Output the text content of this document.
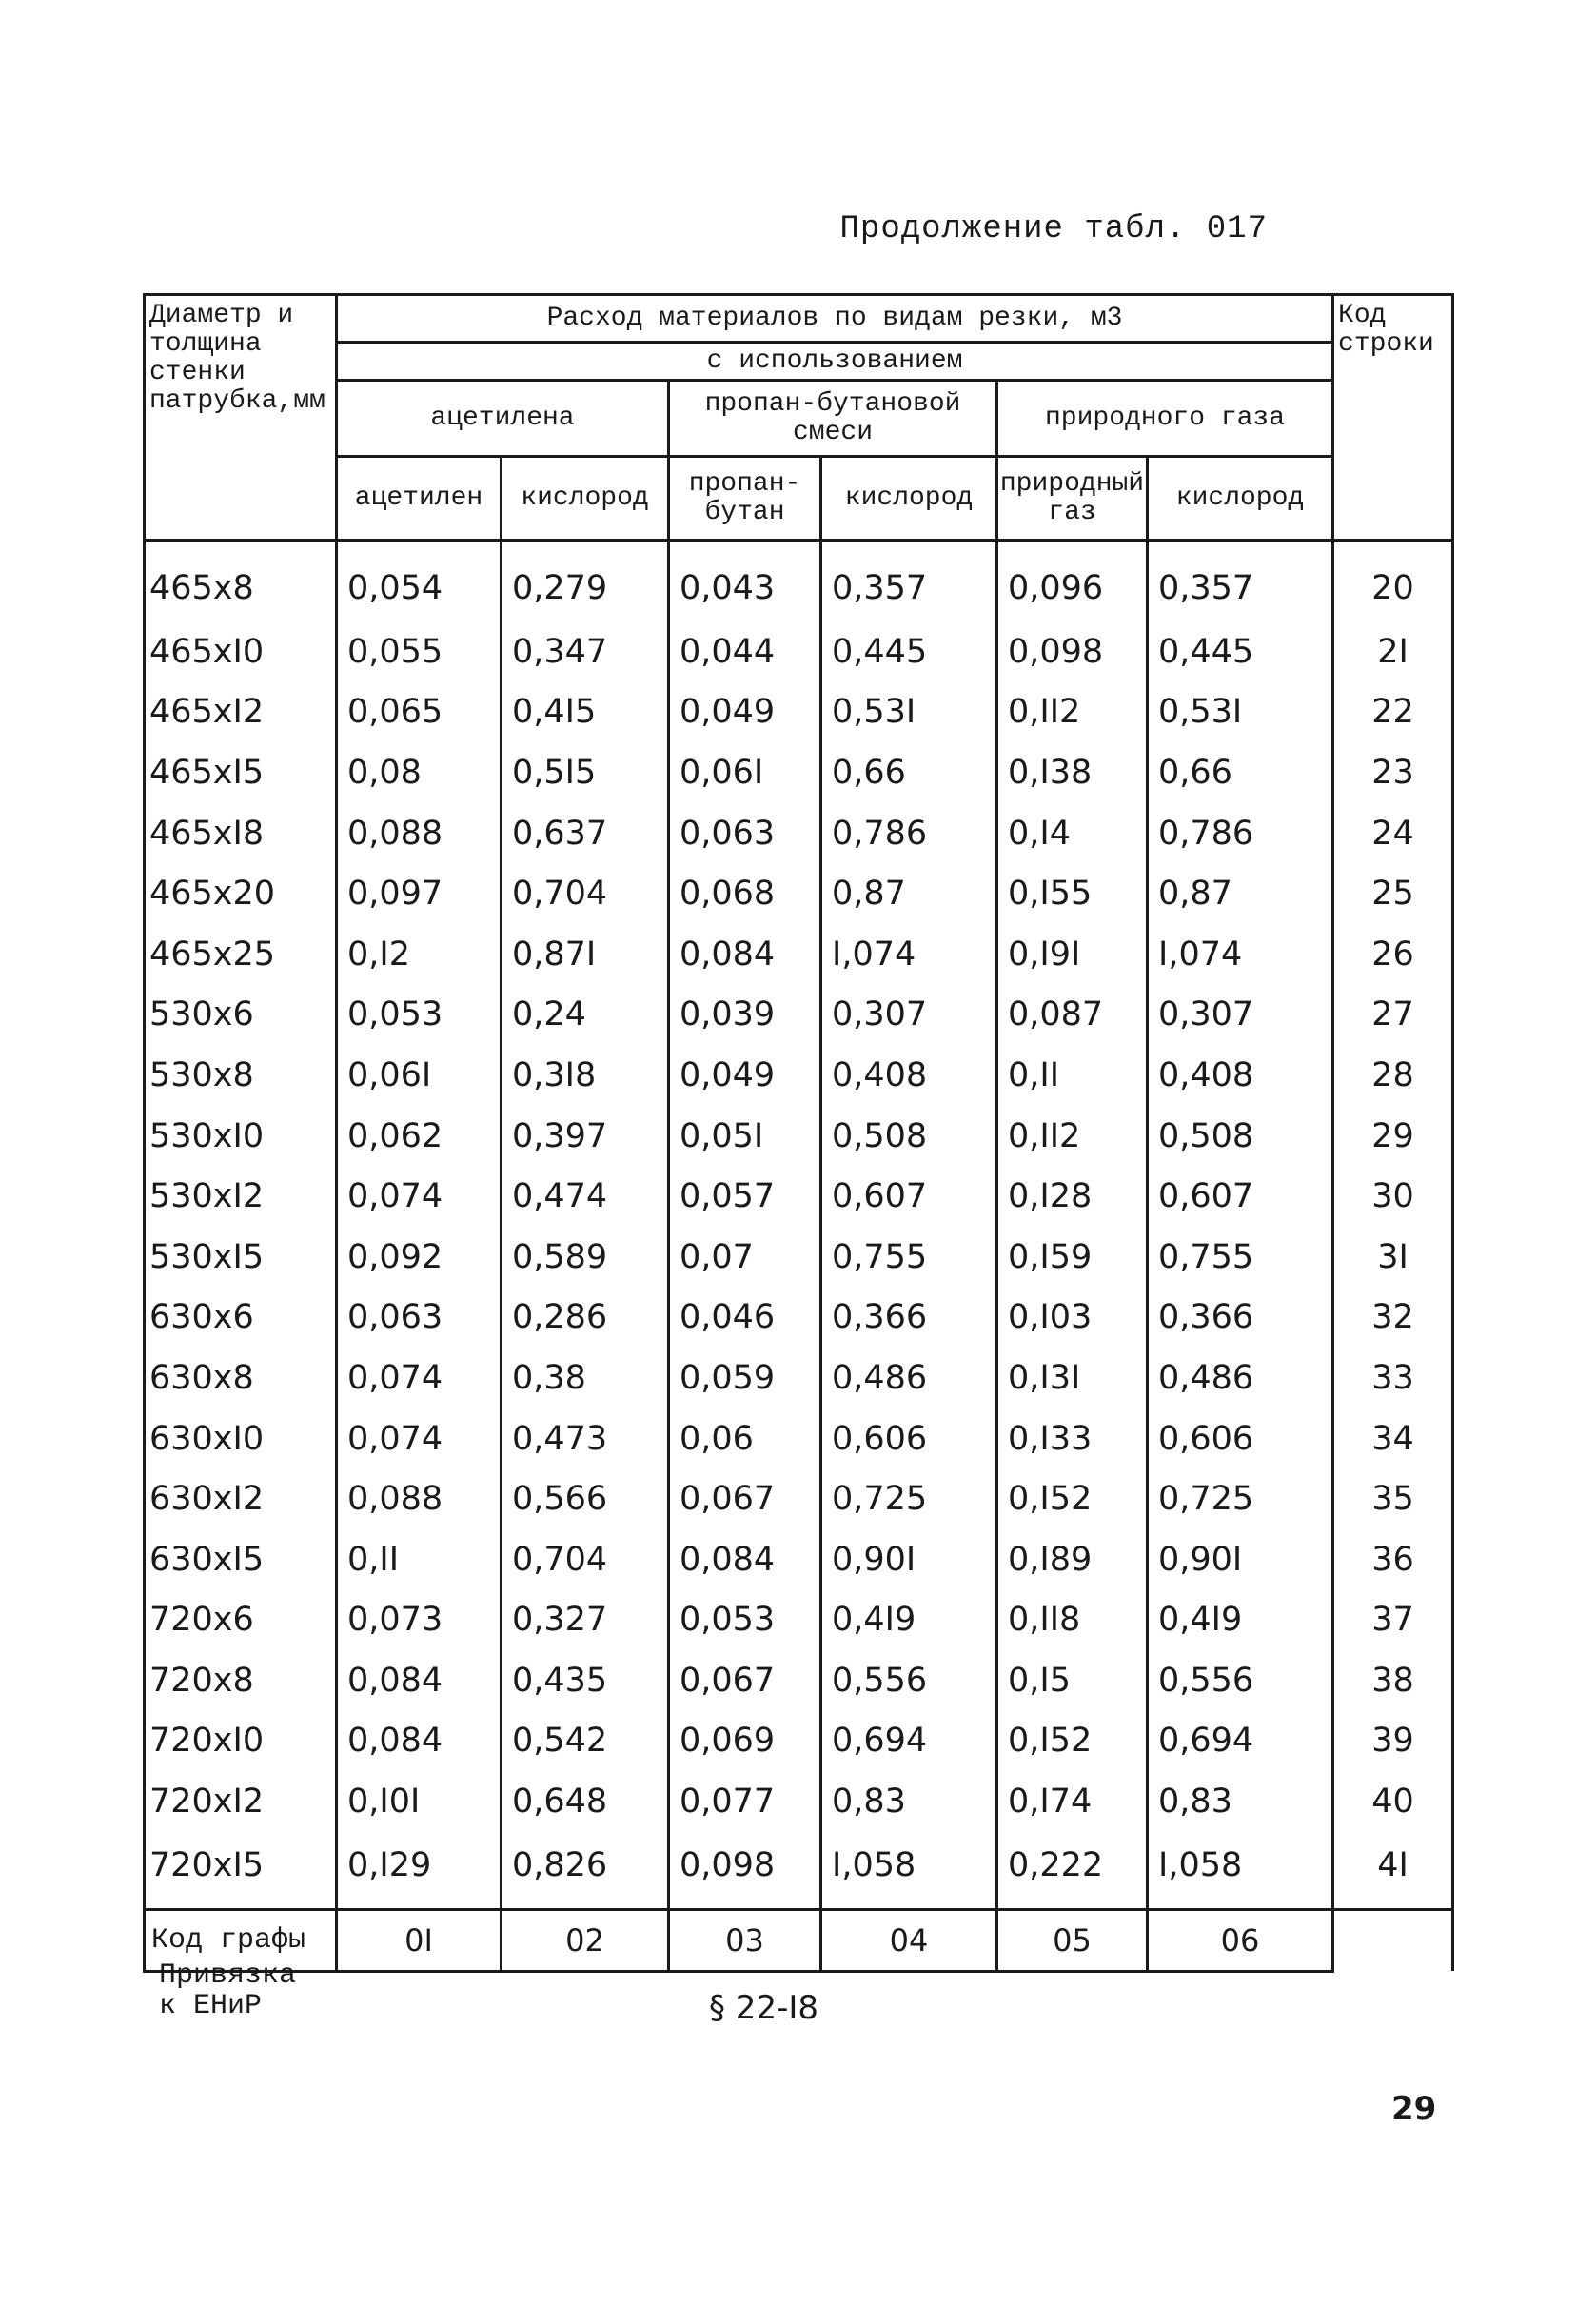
Продолжение табл. 017
Диаметр и толщина стенки патрубка,мм	Расход материалов по видам резки, м3						Код строки
	с использованием						
	ацетилена		пропан-бутановой смеси		природного газа		
	ацетилен	кислород	пропан-бутан	кислород	природный газ	кислород	
465х8	0,054	0,279	0,043	0,357	0,096	0,357	20
465хI0	0,055	0,347	0,044	0,445	0,098	0,445	2I
465хI2	0,065	0,4I5	0,049	0,53I	0,II2	0,53I	22
465хI5	0,08	0,5I5	0,06I	0,66	0,I38	0,66	23
465хI8	0,088	0,637	0,063	0,786	0,I4	0,786	24
465х20	0,097	0,704	0,068	0,87	0,I55	0,87	25
465х25	0,I2	0,87I	0,084	I,074	0,I9I	I,074	26
530х6	0,053	0,24	0,039	0,307	0,087	0,307	27
530х8	0,06I	0,3I8	0,049	0,408	0,II	0,408	28
530хI0	0,062	0,397	0,05I	0,508	0,II2	0,508	29
530хI2	0,074	0,474	0,057	0,607	0,I28	0,607	30
530хI5	0,092	0,589	0,07	0,755	0,I59	0,755	3I
630х6	0,063	0,286	0,046	0,366	0,I03	0,366	32
630х8	0,074	0,38	0,059	0,486	0,I3I	0,486	33
630хI0	0,074	0,473	0,06	0,606	0,I33	0,606	34
630хI2	0,088	0,566	0,067	0,725	0,I52	0,725	35
630хI5	0,II	0,704	0,084	0,90I	0,I89	0,90I	36
720х6	0,073	0,327	0,053	0,4I9	0,II8	0,4I9	37
720х8	0,084	0,435	0,067	0,556	0,I5	0,556	38
720хI0	0,084	0,542	0,069	0,694	0,I52	0,694	39
720хI2	0,I0I	0,648	0,077	0,83	0,I74	0,83	40
720хI5	0,I29	0,826	0,098	I,058	0,222	I,058	4I
Код графы	0I	02	03	04	05	06	
Привязка к ЕНиР	§ 22-I8
29
